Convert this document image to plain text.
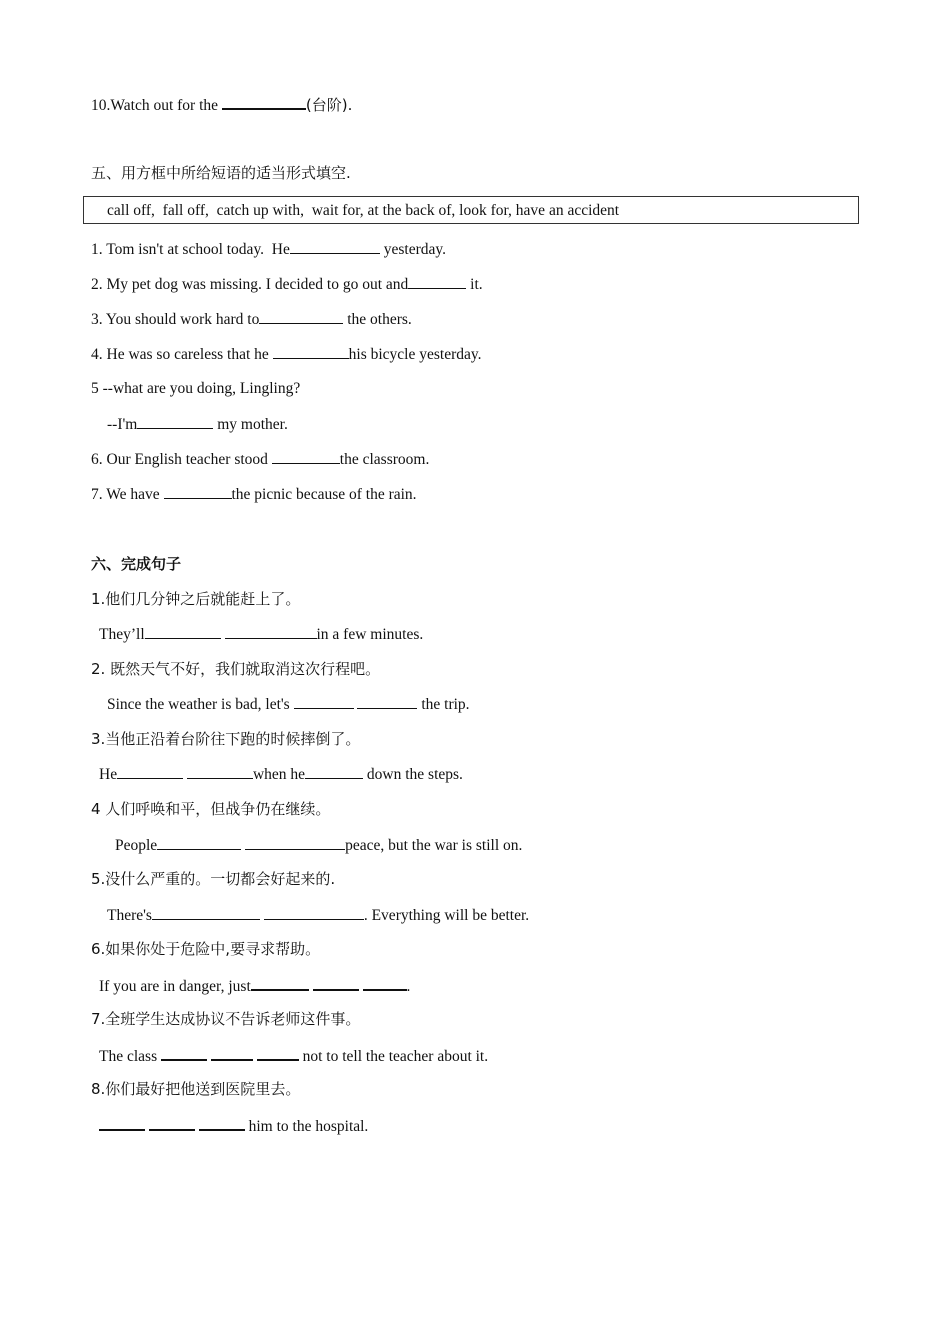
10.Watch out for the	(台阶).
五、用方框中所给短语的适当形式填空.
call off,  fall off,  catch up with,  wait for, at the back of, look for, have an accident
1. Tom isn't at school today.  He	yesterday.
2. My pet dog was missing. I decided to go out and	it.
3. You should work hard to	the others.
4. He was so careless that he	his bicycle yesterday.
5 --what are you doing, Lingling?
--I'm	my mother.
6. Our English teacher stood	the classroom.
7. We have	the picnic because of the rain.
六、完成句子
1.他们几分钟之后就能赶上了。
They’ll	in a few minutes.
2. 既然天气不好，我们就取消这次行程吧。
Since the weather is bad, let's	the trip.
3.当他正沿着台阶往下跑的时候摔倒了。
He	when he	down the steps.
4 人们呼唤和平，但战争仍在继续。
People	peace, but the war is still on.
5.没什么严重的。一切都会好起来的.
There's	. Everything will be better.
6.如果你处于危险中,要寻求帮助。
If you are in danger, just	.
7.全班学生达成协议不告诉老师这件事。
The class	not to tell the teacher about it.
8.你们最好把他送到医院里去。
him to the hospital.
